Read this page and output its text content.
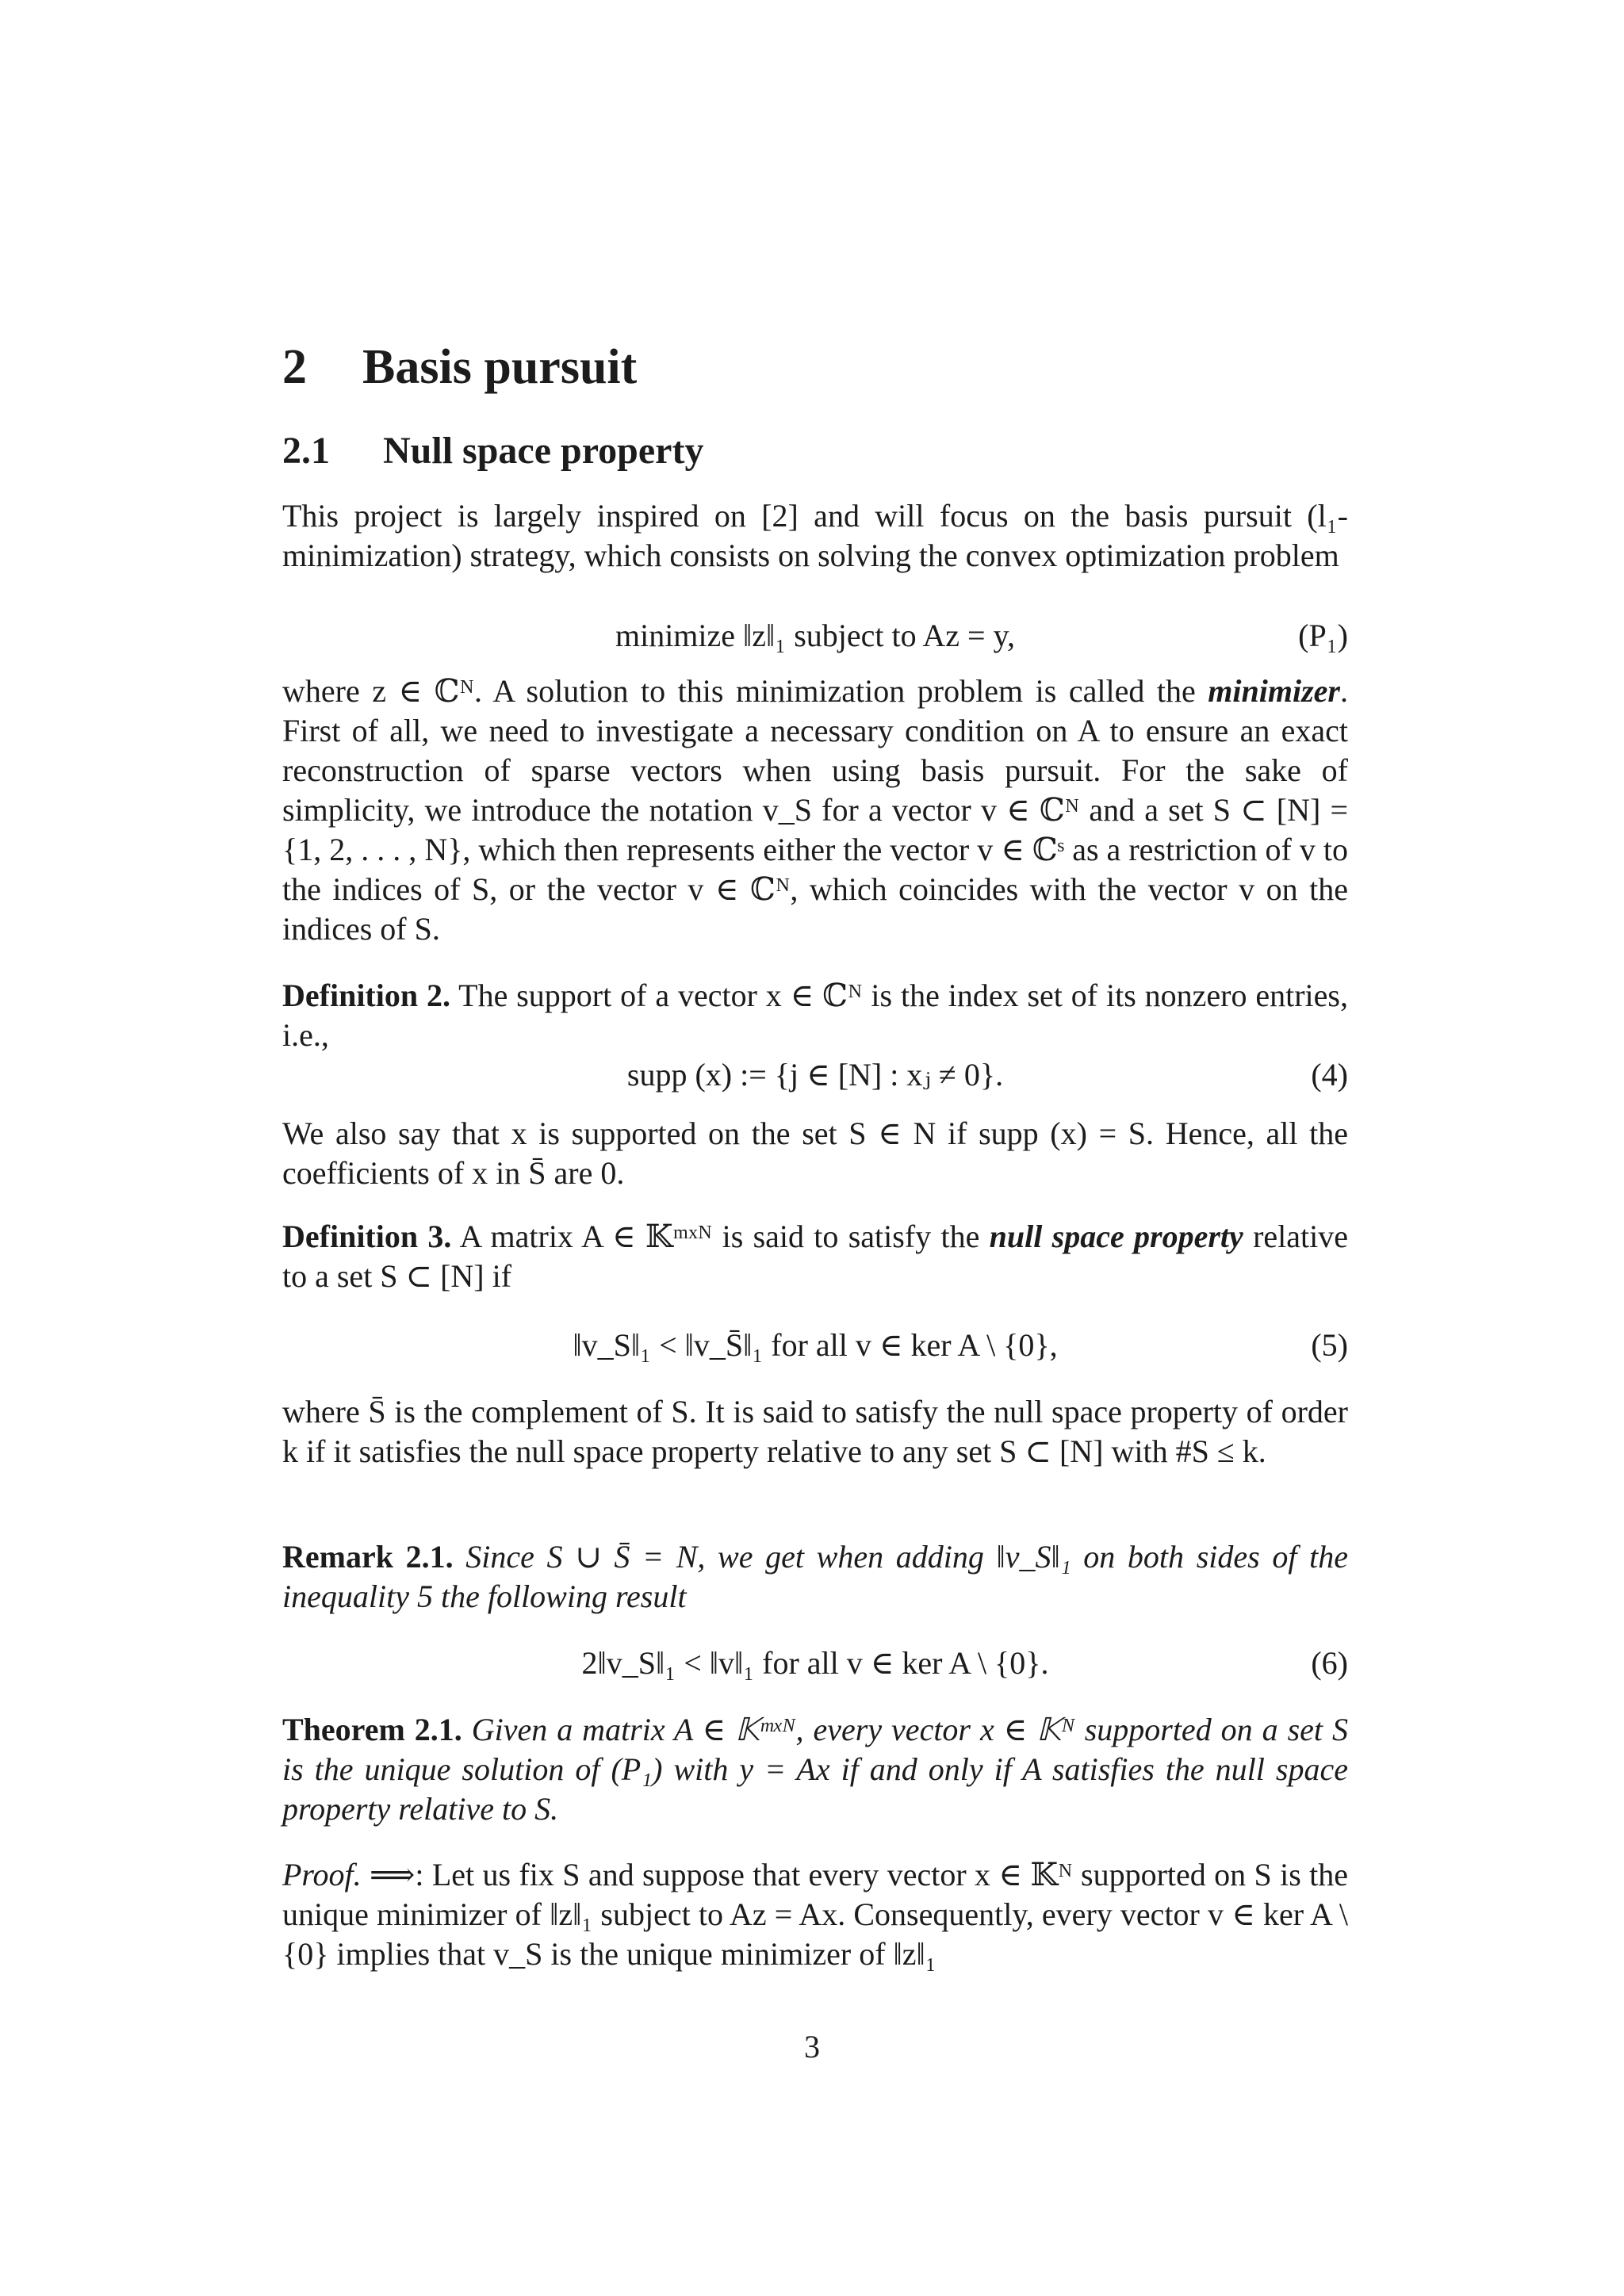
2 Basis pursuit
2.1 Null space property

This project is largely inspired on [2] and will focus on the basis pursuit (l₁-minimization) strategy, which consists on solving the convex optimization problem

minimize ‖z‖₁ subject to Az = y,	(P₁)

where z ∈ ℂᴺ. A solution to this minimization problem is called the minimizer. First of all, we need to investigate a necessary condition on A to ensure an exact reconstruction of sparse vectors when using basis pursuit. For the sake of simplicity, we introduce the notation v_S for a vector v ∈ ℂᴺ and a set S ⊂ [N] = {1, 2, . . . , N}, which then represents either the vector v ∈ ℂˢ as a restriction of v to the indices of S, or the vector v ∈ ℂᴺ, which coincides with the vector v on the indices of S.

Definition 2. The support of a vector x ∈ ℂᴺ is the index set of its nonzero entries, i.e.,

supp (x) := {j ∈ [N] : xⱼ ≠ 0}.	(4)

We also say that x is supported on the set S ∈ N if supp (x) = S. Hence, all the coefficients of x in S̄ are 0.

Definition 3. A matrix A ∈ 𝕂ᵐˣᴺ is said to satisfy the null space property relative to a set S ⊂ [N] if

‖v_S‖₁ < ‖v_S̄‖₁ for all v ∈ ker A \ {0},	(5)

where S̄ is the complement of S. It is said to satisfy the null space property of order k if it satisfies the null space property relative to any set S ⊂ [N] with #S ≤ k.

Remark 2.1. Since S ∪ S̄ = N, we get when adding ‖v_S‖₁ on both sides of the inequality 5 the following result

2‖v_S‖₁ < ‖v‖₁ for all v ∈ ker A \ {0}.	(6)

Theorem 2.1. Given a matrix A ∈ 𝕂ᵐˣᴺ, every vector x ∈ 𝕂ᴺ supported on a set S is the unique solution of (P₁) with y = Ax if and only if A satisfies the null space property relative to S.

Proof. ⟹: Let us fix S and suppose that every vector x ∈ 𝕂ᴺ supported on S is the unique minimizer of ‖z‖₁ subject to Az = Ax. Consequently, every vector v ∈ ker A \ {0} implies that v_S is the unique minimizer of ‖z‖₁

3
